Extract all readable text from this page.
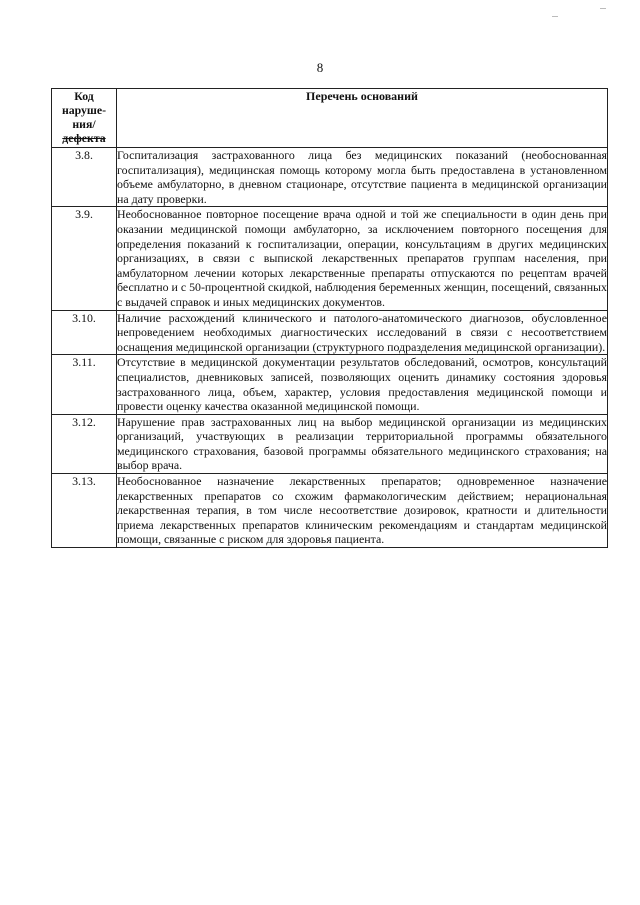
8
Код
наруше-
ния/
дефекта	Перечень оснований
3.8.	Госпитализация застрахованного лица без медицинских показаний (необоснованная госпитализация), медицинская помощь которому могла быть предоставлена в установленном объеме амбулаторно, в дневном стационаре, отсутствие пациента в медицинской организации на дату проверки.
3.9.	Необоснованное повторное посещение врача одной и той же специальности в один день при оказании медицинской помощи амбулаторно, за исключением повторного посещения для определения показаний к госпитализации, операции, консультациям в других медицинских организациях, в связи с выпиской лекарственных препаратов группам населения, при амбулаторном лечении которых лекарственные препараты отпускаются по рецептам врачей бесплатно и с 50-процентной скидкой, наблюдения беременных женщин, посещений, связанных с выдачей справок и иных медицинских документов.
3.10.	Наличие расхождений клинического и патолого-анатомического диагнозов, обусловленное непроведением необходимых диагностических исследований в связи с несоответствием оснащения медицинской организации (структурного подразделения медицинской организации).
3.11.	Отсутствие в медицинской документации результатов обследований, осмотров, консультаций специалистов, дневниковых записей, позволяющих оценить динамику состояния здоровья застрахованного лица, объем, характер, условия предоставления медицинской помощи и провести оценку качества оказанной медицинской помощи.
3.12.	Нарушение прав застрахованных лиц на выбор медицинской организации из медицинских организаций, участвующих в реализации территориальной программы обязательного медицинского страхования, базовой программы обязательного медицинского страхования; на выбор врача.
3.13.	Необоснованное назначение лекарственных препаратов; одновременное назначение лекарственных препаратов со схожим фармакологическим действием; нерациональная лекарственная терапия, в том числе несоответствие дозировок, кратности и длительности приема лекарственных препаратов клиническим рекомендациям и стандартам медицинской помощи, связанные с риском для здоровья пациента.
